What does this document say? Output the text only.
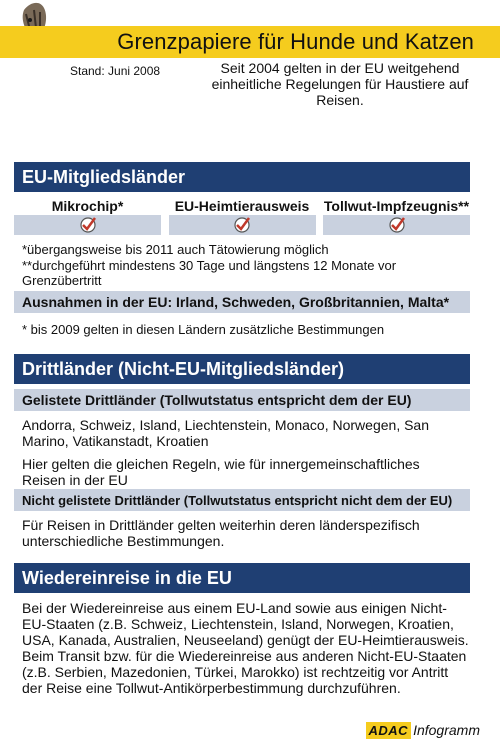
Grenzpapiere für Hunde und Katzen
Stand: Juni 2008	Seit 2004 gelten in der EU weitgehend einheitliche Regelungen für Haustiere auf Reisen.
EU-Mitgliedsländer
Mikrochip*	EU-Heimtierausweis Tollwut-Impfzeugnis**
*übergangsweise bis 2011 auch Tätowierung möglich
**durchgeführt mindestens 30 Tage und längstens 12 Monate vor Grenzübertritt
Ausnahmen in der EU: Irland, Schweden, Großbritannien, Malta*
* bis 2009 gelten in diesen Ländern zusätzliche Bestimmungen
Drittländer (Nicht-EU-Mitgliedsländer)
Gelistete Drittländer (Tollwutstatus entspricht dem der EU)
Andorra, Schweiz, Island, Liechtenstein, Monaco, Norwegen, San Marino, Vatikanstadt, Kroatien
Hier gelten die gleichen Regeln, wie für innergemeinschaftliches Reisen in der EU
Nicht gelistete Drittländer (Tollwutstatus entspricht nicht dem der EU)
Für Reisen in Drittländer gelten weiterhin deren länderspezifisch unterschiedliche Bestimmungen.
Wiedereinreise in die EU
Bei der Wiedereinreise aus einem EU-Land sowie aus einigen Nicht-EU-Staaten (z.B. Schweiz, Liechtenstein, Island, Norwegen, Kroatien, USA, Kanada, Australien, Neuseeland) genügt der EU-Heimtierausweis. Beim Transit bzw. für die Wiedereinreise aus anderen Nicht-EU-Staaten (z.B. Serbien, Mazedonien, Türkei, Marokko) ist rechtzeitig vor Antritt der Reise eine Tollwut-Antikörperbestimmung durchzuführen.
ADAC Infogramm
